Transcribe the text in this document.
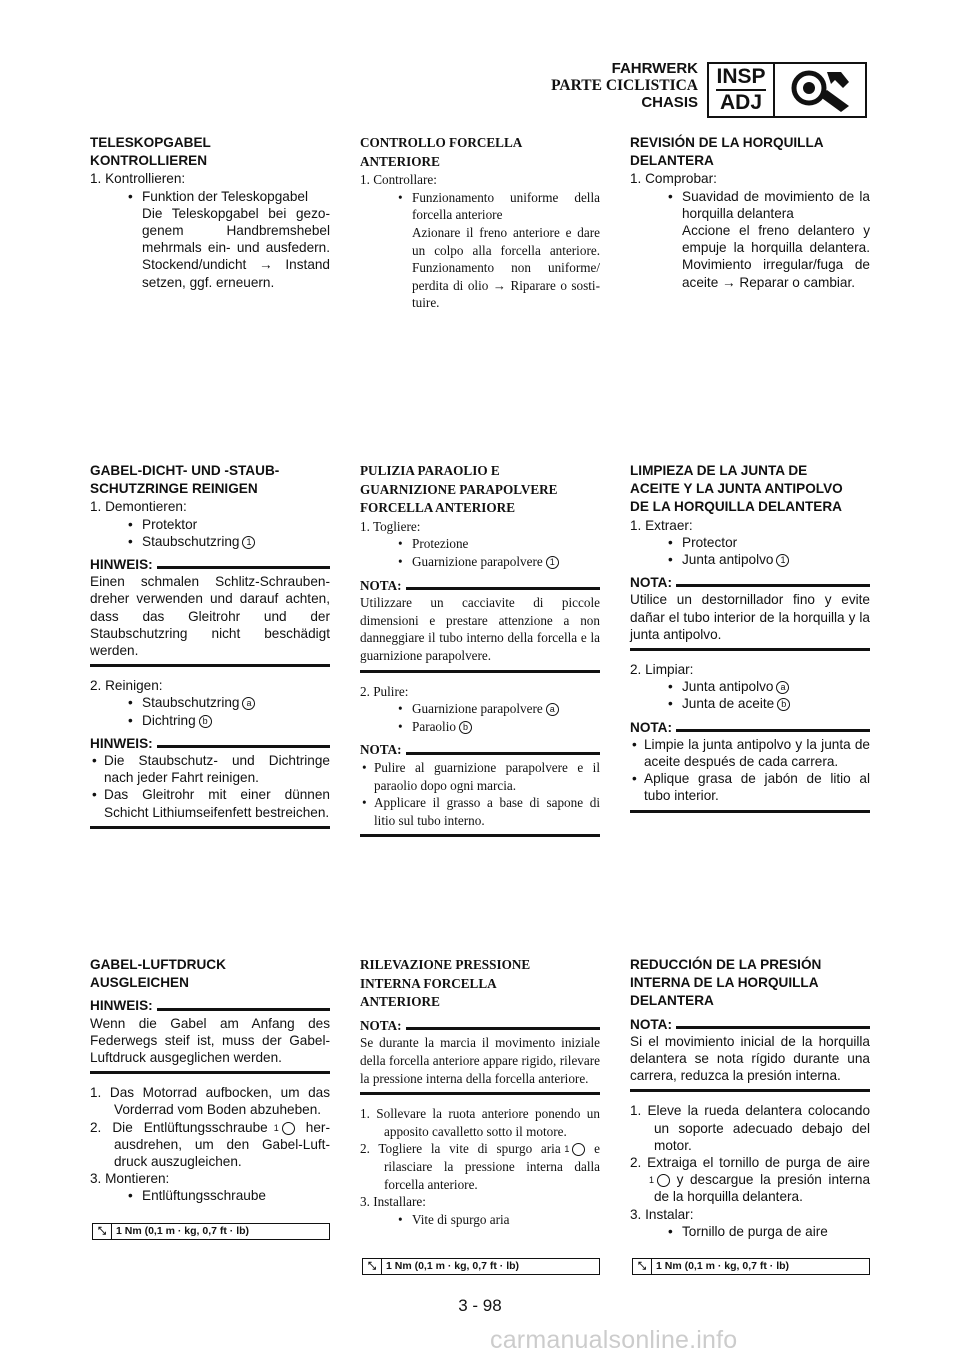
FAHRWERK
PARTE CICLISTICA
CHASIS
INSP
ADJ
TELESKOPGABEL
KONTROLLIEREN
1. Kontrollieren:
• Funktion der Teleskopgabel
Die Teleskopgabel bei gezogenem Handbremshebel mehrmals ein- und ausfedern. Stockend/undicht → Instand setzen, ggf. erneuern.
CONTROLLO FORCELLA
ANTERIORE
1. Controllare:
• Funzionamento uniforme della forcella anteriore
Azionare il freno anteriore e dare un colpo alla forcella anteriore. Funzionamento non uniforme/ perdita di olio → Riparare o sostituire.
REVISIÓN DE LA HORQUILLA
DELANTERA
1. Comprobar:
• Suavidad de movimiento de la horquilla delantera
Accione el freno delantero y empuje la horquilla delantera. Movimiento irregular/fuga de aceite → Reparar o cambiar.
GABEL-DICHT- UND -STAUB-
SCHUTZRINGE REINIGEN
1. Demontieren:
• Protektor
• Staubschutzring 1
HINWEIS:
Einen schmalen Schlitz-Schraubendreher verwenden und darauf achten, dass das Gleitrohr und der Staubschutzring nicht beschädigt werden.
2. Reinigen:
• Staubschutzring a
• Dichtring b
HINWEIS:
• Die Staubschutz- und Dichtringe nach jeder Fahrt reinigen.
• Das Gleitrohr mit einer dünnen Schicht Lithiumseifenfett bestreichen.
PULIZIA PARAOLIO E
GUARNIZIONE PARAPOLVERE
FORCELLA ANTERIORE
1. Togliere:
• Protezione
• Guarnizione parapolvere 1
NOTA:
Utilizzare un cacciavite di piccole dimensioni e prestare attenzione a non danneggiare il tubo interno della forcella e la guarnizione parapolvere.
2. Pulire:
• Guarnizione parapolvere a
• Paraolio b
NOTA:
• Pulire al guarnizione parapolvere e il paraolio dopo ogni marcia.
• Applicare il grasso a base di sapone di litio sul tubo interno.
LIMPIEZA DE LA JUNTA DE
ACEITE Y LA JUNTA ANTIPOLVO
DE LA HORQUILLA DELANTERA
1. Extraer:
• Protector
• Junta antipolvo 1
NOTA:
Utilice un destornillador fino y evite dañar el tubo interior de la horquilla y la junta antipolvo.
2. Limpiar:
• Junta antipolvo a
• Junta de aceite b
NOTA:
• Limpie la junta antipolvo y la junta de aceite después de cada carrera.
• Aplique grasa de jabón de litio al tubo interior.
GABEL-LUFTDRUCK
AUSGLEICHEN
HINWEIS:
Wenn die Gabel am Anfang des Federwegs steif ist, muss der Gabel-Luftdruck ausgeglichen werden.
1. Das Motorrad aufbocken, um das Vorderrad vom Boden abzuheben.
2. Die Entlüftungsschraube 1 herausdrehen, um den Gabel-Luftdruck auszugleichen.
3. Montieren:
• Entlüftungsschraube
⤡ 1 Nm (0,1 m · kg, 0,7 ft · lb)
RILEVAZIONE PRESSIONE
INTERNA FORCELLA
ANTERIORE
NOTA:
Se durante la marcia il movimento iniziale della forcella anteriore appare rigido, rilevare la pressione interna della forcella anteriore.
1. Sollevare la ruota anteriore ponendo un apposito cavalletto sotto il motore.
2. Togliere la vite di spurgo aria 1 e rilasciare la pressione interna dalla forcella anteriore.
3. Installare:
• Vite di spurgo aria
⤡ 1 Nm (0,1 m · kg, 0,7 ft · lb)
REDUCCIÓN DE LA PRESIÓN
INTERNA DE LA HORQUILLA
DELANTERA
NOTA:
Si el movimiento inicial de la horquilla delantera se nota rígido durante una carrera, reduzca la presión interna.
1. Eleve la rueda delantera colocando un soporte adecuado debajo del motor.
2. Extraiga el tornillo de purga de aire 1 y descargue la presión interna de la horquilla delantera.
3. Instalar:
• Tornillo de purga de aire
⤡ 1 Nm (0,1 m · kg, 0,7 ft · lb)
3 - 98
carmanualsonline.info
